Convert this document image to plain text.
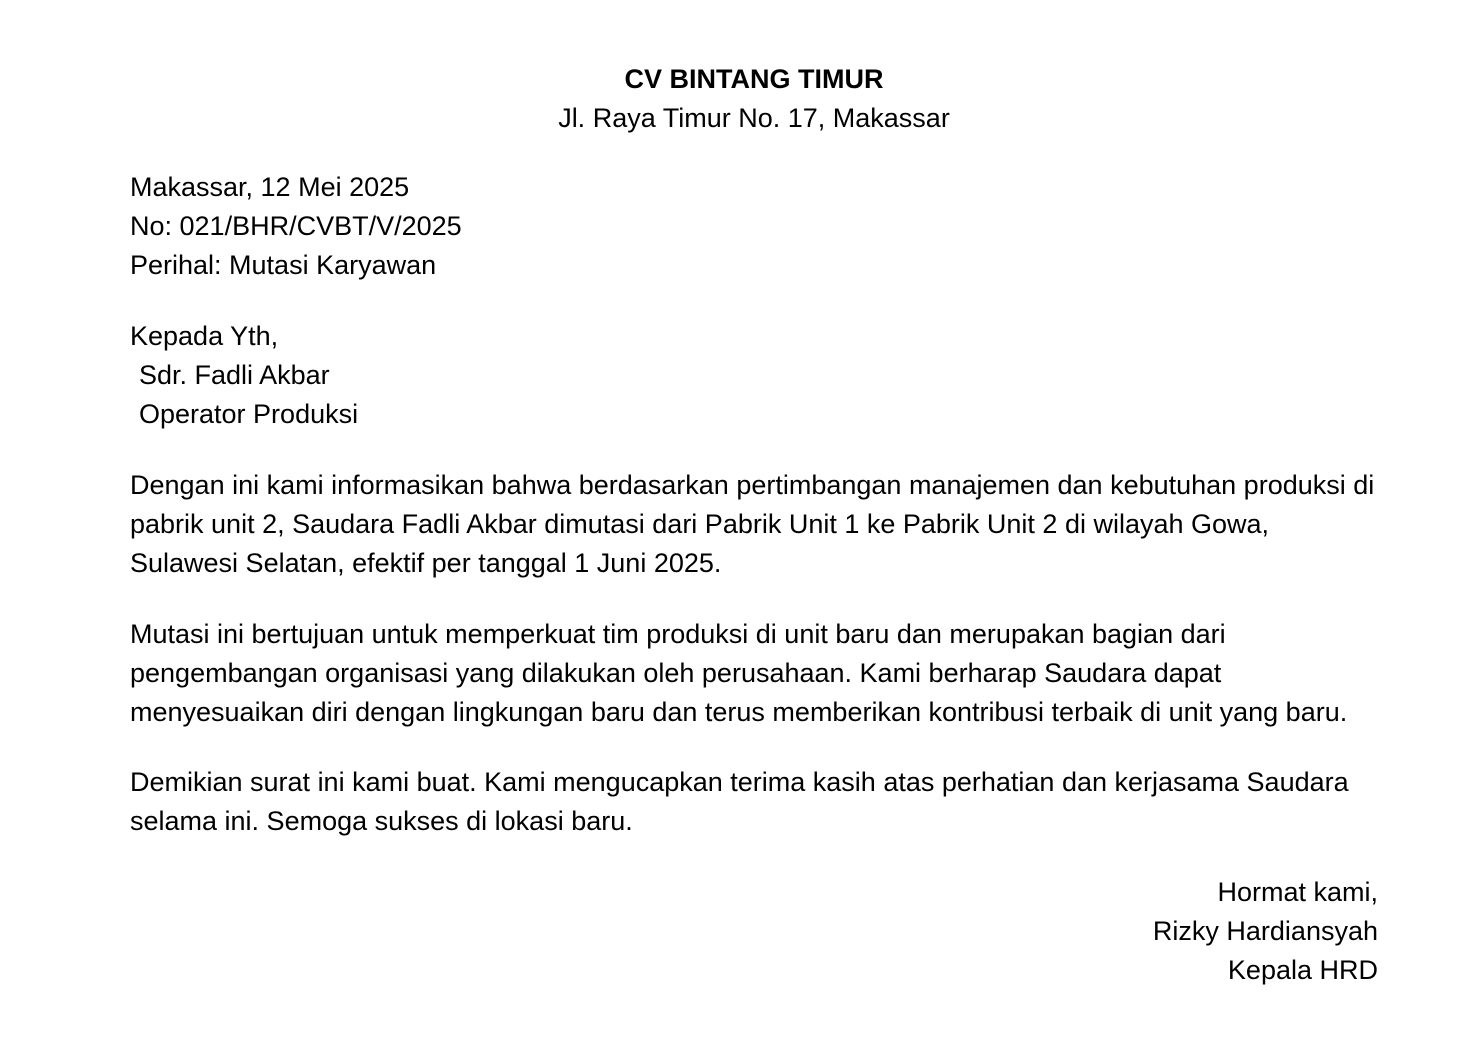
CV BINTANG TIMUR

Jl. Raya Timur No. 17, Makassar

Makassar, 12 Mei 2025
No: 021/BHR/CVBT/V/2025
Perihal: Mutasi Karyawan
Kepada Yth,
Sdr. Fadli Akbar
Operator Produksi

Dengan ini kami informasikan bahwa berdasarkan pertimbangan manajemen dan kebutuhan produksi di pabrik unit 2, Saudara Fadli Akbar dimutasi dari Pabrik Unit 1 ke Pabrik Unit 2 di wilayah Gowa, Sulawesi Selatan, efektif per tanggal 1 Juni 2025.

Mutasi ini bertujuan untuk memperkuat tim produksi di unit baru dan merupakan bagian dari pengembangan organisasi yang dilakukan oleh perusahaan. Kami berharap Saudara dapat menyesuaikan diri dengan lingkungan baru dan terus memberikan kontribusi terbaik di unit yang baru.

Demikian surat ini kami buat. Kami mengucapkan terima kasih atas perhatian dan kerjasama Saudara selama ini. Semoga sukses di lokasi baru.

Hormat kami,
Rizky Hardiansyah
Kepala HRD
